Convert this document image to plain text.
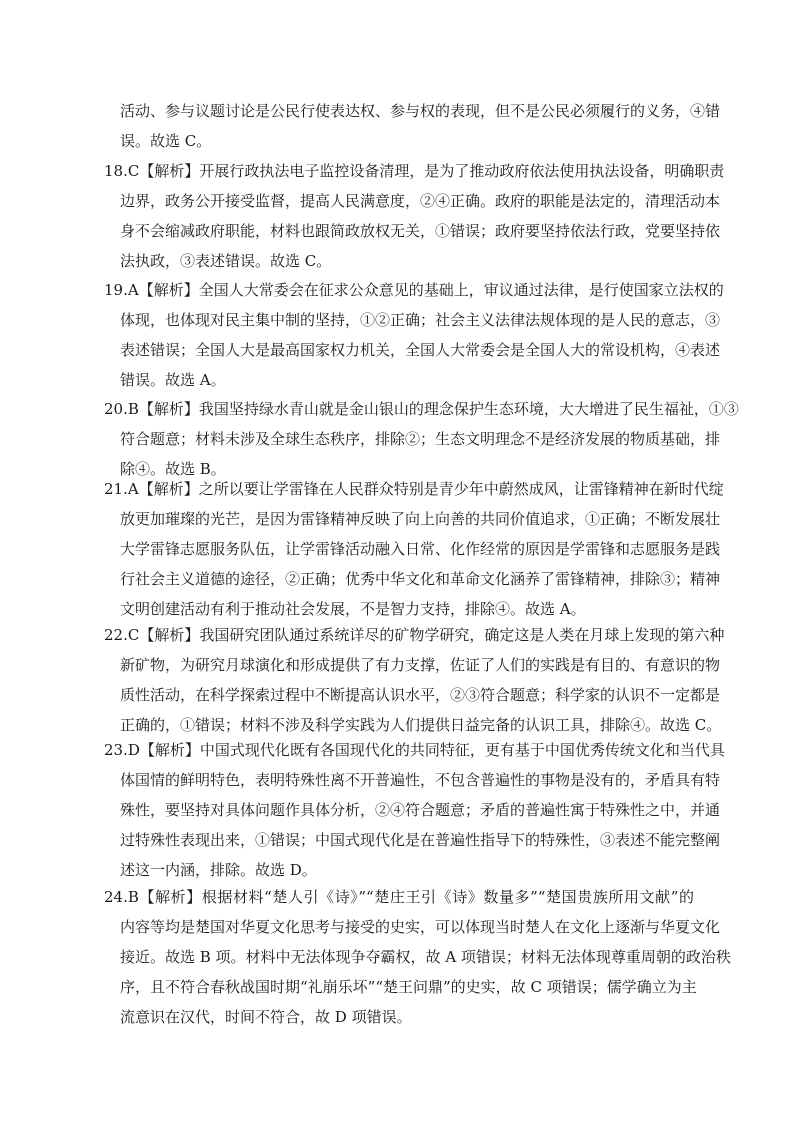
活动、参与议题讨论是公民行使表达权、参与权的表现，但不是公民必须履行的义务，④错
误。故选 C。
18.C【解析】开展行政执法电子监控设备清理，是为了推动政府依法使用执法设备，明确职责
边界，政务公开接受监督，提高人民满意度，②④正确。政府的职能是法定的，清理活动本
身不会缩减政府职能，材料也跟简政放权无关，①错误；政府要坚持依法行政，党要坚持依
法执政，③表述错误。故选 C。
19.A【解析】全国人大常委会在征求公众意见的基础上，审议通过法律，是行使国家立法权的
体现，也体现对民主集中制的坚持，①②正确；社会主义法律法规体现的是人民的意志，③
表述错误；全国人大是最高国家权力机关，全国人大常委会是全国人大的常设机构，④表述
错误。故选 A。
20.B【解析】我国坚持绿水青山就是金山银山的理念保护生态环境，大大增进了民生福祉，①③
符合题意；材料未涉及全球生态秩序，排除②；生态文明理念不是经济发展的物质基础，排
除④。故选 B。
21.A【解析】之所以要让学雷锋在人民群众特别是青少年中蔚然成风，让雷锋精神在新时代绽
放更加璀璨的光芒，是因为雷锋精神反映了向上向善的共同价值追求，①正确；不断发展壮
大学雷锋志愿服务队伍，让学雷锋活动融入日常、化作经常的原因是学雷锋和志愿服务是践
行社会主义道德的途径，②正确；优秀中华文化和革命文化涵养了雷锋精神，排除③；精神
文明创建活动有利于推动社会发展，不是智力支持，排除④。故选 A。
22.C【解析】我国研究团队通过系统详尽的矿物学研究，确定这是人类在月球上发现的第六种
新矿物，为研究月球演化和形成提供了有力支撑，佐证了人们的实践是有目的、有意识的物
质性活动，在科学探索过程中不断提高认识水平，②③符合题意；科学家的认识不一定都是
正确的，①错误；材料不涉及科学实践为人们提供日益完备的认识工具，排除④。故选 C。
23.D【解析】中国式现代化既有各国现代化的共同特征，更有基于中国优秀传统文化和当代具
体国情的鲜明特色，表明特殊性离不开普遍性，不包含普遍性的事物是没有的，矛盾具有特
殊性，要坚持对具体问题作具体分析，②④符合题意；矛盾的普遍性寓于特殊性之中，并通
过特殊性表现出来，①错误；中国式现代化是在普遍性指导下的特殊性，③表述不能完整阐
述这一内涵，排除。故选 D。
24.B【解析】根据材料“楚人引《诗》”“楚庄王引《诗》数量多”“楚国贵族所用文献”的
内容等均是楚国对华夏文化思考与接受的史实，可以体现当时楚人在文化上逐渐与华夏文化
接近。故选 B 项。材料中无法体现争夺霸权，故 A 项错误；材料无法体现尊重周朝的政治秩
序，且不符合春秋战国时期“礼崩乐坏”“楚王问鼎”的史实，故 C 项错误；儒学确立为主
流意识在汉代，时间不符合，故 D 项错误。
